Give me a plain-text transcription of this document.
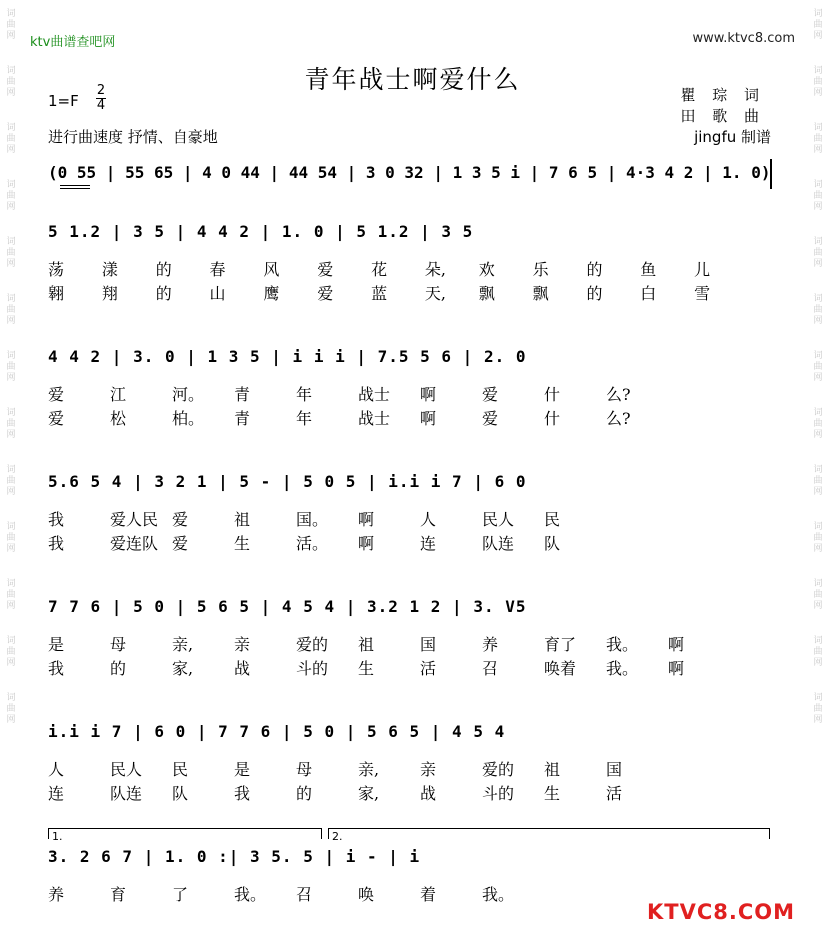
词曲网
词曲网
词曲网
词曲网
词曲网
词曲网
词曲网
词曲网
词曲网
词曲网
词曲网
词曲网
词曲网
词曲网
词曲网
词曲网
词曲网
词曲网
词曲网
词曲网
词曲网
词曲网
词曲网
词曲网
词曲网
词曲网
ktv曲谱查吧网	www.ktvc8.com
青年战士啊爱什么
1=F
2
4
进行曲速度 抒情、自豪地
瞿 琮 词
田 歌 曲
jingfu 制谱
(0 55 | 55 65 | 4 0 44 | 44 54 | 3 0 32 | 1 3 5 i | 7 6 5 | 4·3 4 2 | 1. 0)
5 1.2 | 3 5 | 4 4 2 | 1. 0 | 5 1.2 | 3 5
荡 漾 的 春 风 爱 花 朵, 欢 乐 的 鱼 儿
翱 翔 的 山 鹰 爱 蓝 天, 飘 飘 的 白 雪
4 4 2 | 3. 0 | 1 3 5 | i i i | 7.5 5 6 | 2. 0
爱	江	河。 青	年	战士 啊	爱	什	么?
爱	松	柏。 青	年	战士 啊	爱	什	么?
5.6 5 4 | 3 2 1 | 5 - | 5 0 5 | i.i i 7 | 6 0
我	爱人民 爱	祖	国。 啊	人	民人 民
我	爱连队 爱	生	活。 啊	连	队连 队
7 7 6 | 5 0 | 5 6 5 | 4 5 4 | 3.2 1 2 | 3. V5
是	母	亲,	亲	爱的 祖	国	养	育了 我。 啊
我	的	家,	战	斗的 生	活	召	唤着 我。 啊
i.i i 7 | 6 0 | 7 7 6 | 5 0 | 5 6 5 | 4 5 4
人	民人 民	是	母	亲,	亲	爱的 祖	国
连	队连 队	我	的	家,	战	斗的 生	活
3. 2 6 7 | 1. 0 :| 3 5. 5 | i - | i
养	育	了	我。 召	唤	着	我。
1.	2.
KTVC8.COM
